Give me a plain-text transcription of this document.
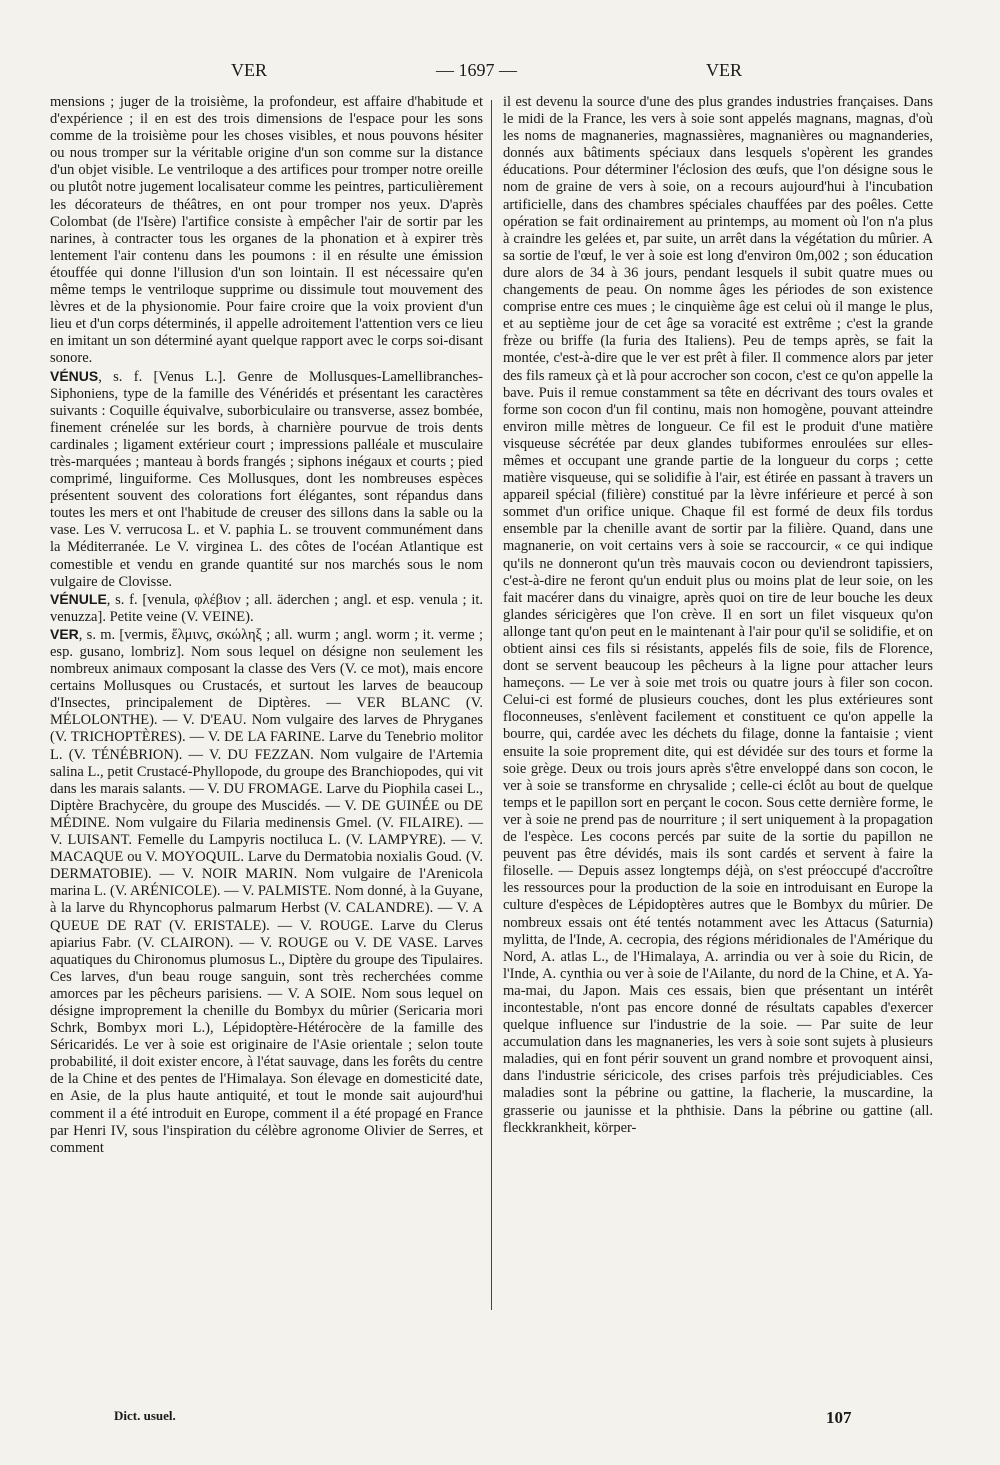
VER	— 1697 —	VER

mensions ; juger de la troisième, la profondeur, est affaire d'habitude et d'expérience ; il en est des trois dimensions de l'espace pour les sons comme de la troisième pour les choses visibles, et nous pouvons hésiter ou nous tromper sur la véritable origine d'un son comme sur la distance d'un objet visible. Le ventriloque a des artifices pour tromper notre oreille ou plutôt notre jugement localisateur comme les peintres, particulièrement les décorateurs de théâtres, en ont pour tromper nos yeux. D'après Colombat (de l'Isère) l'artifice consiste à empêcher l'air de sortir par les narines, à contracter tous les organes de la phonation et à expirer très lentement l'air contenu dans les poumons : il en résulte une émission étouffée qui donne l'illusion d'un son lointain. Il est nécessaire qu'en même temps le ventriloque supprime ou dissimule tout mouvement des lèvres et de la physionomie. Pour faire croire que la voix provient d'un lieu et d'un corps déterminés, il appelle adroitement l'attention vers ce lieu en imitant un son déterminé ayant quelque rapport avec le corps soi-disant sonore.

VÉNUS, s. f. [Venus L.]. Genre de Mollusques-Lamellibranches-Siphoniens, type de la famille des Vénéridés et présentant les caractères suivants : Coquille équivalve, suborbiculaire ou transverse, assez bombée, finement crénelée sur les bords, à charnière pourvue de trois dents cardinales ; ligament extérieur court ; impressions palléale et musculaire très-marquées ; manteau à bords frangés ; siphons inégaux et courts ; pied comprimé, linguiforme. Ces Mollusques, dont les nombreuses espèces présentent souvent des colorations fort élégantes, sont répandus dans toutes les mers et ont l'habitude de creuser des sillons dans la sable ou la vase. Les V. verrucosa L. et V. paphia L. se trouvent communément dans la Méditerranée. Le V. virginea L. des côtes de l'océan Atlantique est comestible et vendu en grande quantité sur nos marchés sous le nom vulgaire de Clovisse.

VÉNULE, s. f. [venula, φλέβιον ; all. äderchen ; angl. et esp. venula ; it. venuzza]. Petite veine (V. VEINE).

VER, s. m. [vermis, ἕλμινς, σκώληξ ; all. wurm ; angl. worm ; it. verme ; esp. gusano, lombriz]. Nom sous lequel on désigne non seulement les nombreux animaux composant la classe des Vers (V. ce mot), mais encore certains Mollusques ou Crustacés, et surtout les larves de beaucoup d'Insectes, principalement de Diptères. — VER BLANC (V. MÉLOLONTHE). — V. D'EAU. Nom vulgaire des larves de Phryganes (V. TRICHOPTÈRES). — V. DE LA FARINE. Larve du Tenebrio molitor L. (V. TÉNÉBRION). — V. DU FEZZAN. Nom vulgaire de l'Artemia salina L., petit Crustacé-Phyllopode, du groupe des Branchiopodes, qui vit dans les marais salants. — V. DU FROMAGE. Larve du Piophila casei L., Diptère Brachycère, du groupe des Muscidés. — V. DE GUINÉE ou DE MÉDINE. Nom vulgaire du Filaria medinensis Gmel. (V. FILAIRE). — V. LUISANT. Femelle du Lampyris noctiluca L. (V. LAMPYRE). — V. MACAQUE ou V. MOYOQUIL. Larve du Dermatobia noxialis Goud. (V. DERMATOBIE). — V. NOIR MARIN. Nom vulgaire de l'Arenicola marina L. (V. ARÉNICOLE). — V. PALMISTE. Nom donné, à la Guyane, à la larve du Rhyncophorus palmarum Herbst (V. CALANDRE). — V. A QUEUE DE RAT (V. ERISTALE). — V. ROUGE. Larve du Clerus apiarius Fabr. (V. CLAIRON). — V. ROUGE ou V. DE VASE. Larves aquatiques du Chironomus plumosus L., Diptère du groupe des Tipulaires. Ces larves, d'un beau rouge sanguin, sont très recherchées comme amorces par les pêcheurs parisiens. — V. A SOIE. Nom sous lequel on désigne improprement la chenille du Bombyx du mûrier (Sericaria mori Schrk, Bombyx mori L.), Lépidoptère-Hétérocère de la famille des Séricaridés. Le ver à soie est originaire de l'Asie orientale ; selon toute probabilité, il doit exister encore, à l'état sauvage, dans les forêts du centre de la Chine et des pentes de l'Himalaya. Son élevage en domesticité date, en Asie, de la plus haute antiquité, et tout le monde sait aujourd'hui comment il a été introduit en Europe, comment il a été propagé en France par Henri IV, sous l'inspiration du célèbre agronome Olivier de Serres, et comment

il est devenu la source d'une des plus grandes industries françaises. Dans le midi de la France, les vers à soie sont appelés magnans, magnas, d'où les noms de magnaneries, magnassières, magnanières ou magnanderies, donnés aux bâtiments spéciaux dans lesquels s'opèrent les grandes éducations. Pour déterminer l'éclosion des œufs, que l'on désigne sous le nom de graine de vers à soie, on a recours aujourd'hui à l'incubation artificielle, dans des chambres spéciales chauffées par des poêles. Cette opération se fait ordinairement au printemps, au moment où l'on n'a plus à craindre les gelées et, par suite, un arrêt dans la végétation du mûrier. A sa sortie de l'œuf, le ver à soie est long d'environ 0m,002 ; son éducation dure alors de 34 à 36 jours, pendant lesquels il subit quatre mues ou changements de peau. On nomme âges les périodes de son existence comprise entre ces mues ; le cinquième âge est celui où il mange le plus, et au septième jour de cet âge sa voracité est extrême ; c'est la grande frèze ou briffe (la furia des Italiens). Peu de temps après, se fait la montée, c'est-à-dire que le ver est prêt à filer. Il commence alors par jeter des fils rameux çà et là pour accrocher son cocon, c'est ce qu'on appelle la bave. Puis il remue constamment sa tête en décrivant des tours ovales et forme son cocon d'un fil continu, mais non homogène, pouvant atteindre environ mille mètres de longueur. Ce fil est le produit d'une matière visqueuse sécrétée par deux glandes tubiformes enroulées sur elles-mêmes et occupant une grande partie de la longueur du corps ; cette matière visqueuse, qui se solidifie à l'air, est étirée en passant à travers un appareil spécial (filière) constitué par la lèvre inférieure et percé à son sommet d'un orifice unique. Chaque fil est formé de deux fils tordus ensemble par la chenille avant de sortir par la filière. Quand, dans une magnanerie, on voit certains vers à soie se raccourcir, « ce qui indique qu'ils ne donneront qu'un très mauvais cocon ou deviendront tapissiers, c'est-à-dire ne feront qu'un enduit plus ou moins plat de leur soie, on les fait macérer dans du vinaigre, après quoi on tire de leur bouche les deux glandes séricigères que l'on crève. Il en sort un filet visqueux qu'on allonge tant qu'on peut en le maintenant à l'air pour qu'il se solidifie, et on obtient ainsi ces fils si résistants, appelés fils de soie, fils de Florence, dont se servent beaucoup les pêcheurs à la ligne pour attacher leurs hameçons. — Le ver à soie met trois ou quatre jours à filer son cocon. Celui-ci est formé de plusieurs couches, dont les plus extérieures sont floconneuses, s'enlèvent facilement et constituent ce qu'on appelle la bourre, qui, cardée avec les déchets du filage, donne la fantaisie ; vient ensuite la soie proprement dite, qui est dévidée sur des tours et forme la soie grège. Deux ou trois jours après s'être enveloppé dans son cocon, le ver à soie se transforme en chrysalide ; celle-ci éclôt au bout de quelque temps et le papillon sort en perçant le cocon. Sous cette dernière forme, le ver à soie ne prend pas de nourriture ; il sert uniquement à la propagation de l'espèce. Les cocons percés par suite de la sortie du papillon ne peuvent pas être dévidés, mais ils sont cardés et servent à faire la filoselle. — Depuis assez longtemps déjà, on s'est préoccupé d'accroître les ressources pour la production de la soie en introduisant en Europe la culture d'espèces de Lépidoptères autres que le Bombyx du mûrier. De nombreux essais ont été tentés notamment avec les Attacus (Saturnia) mylitta, de l'Inde, A. cecropia, des régions méridionales de l'Amérique du Nord, A. atlas L., de l'Himalaya, A. arrindia ou ver à soie du Ricin, de l'Inde, A. cynthia ou ver à soie de l'Ailante, du nord de la Chine, et A. Ya-ma-mai, du Japon. Mais ces essais, bien que présentant un intérêt incontestable, n'ont pas encore donné de résultats capables d'exercer quelque influence sur l'industrie de la soie. — Par suite de leur accumulation dans les magnaneries, les vers à soie sont sujets à plusieurs maladies, qui en font périr souvent un grand nombre et provoquent ainsi, dans l'industrie séricicole, des crises parfois très préjudiciables. Ces maladies sont la pébrine ou gattine, la flacherie, la muscardine, la grasserie ou jaunisse et la phthisie. Dans la pébrine ou gattine (all. fleckkrankheit, körper-

Dict. usuel.	107
